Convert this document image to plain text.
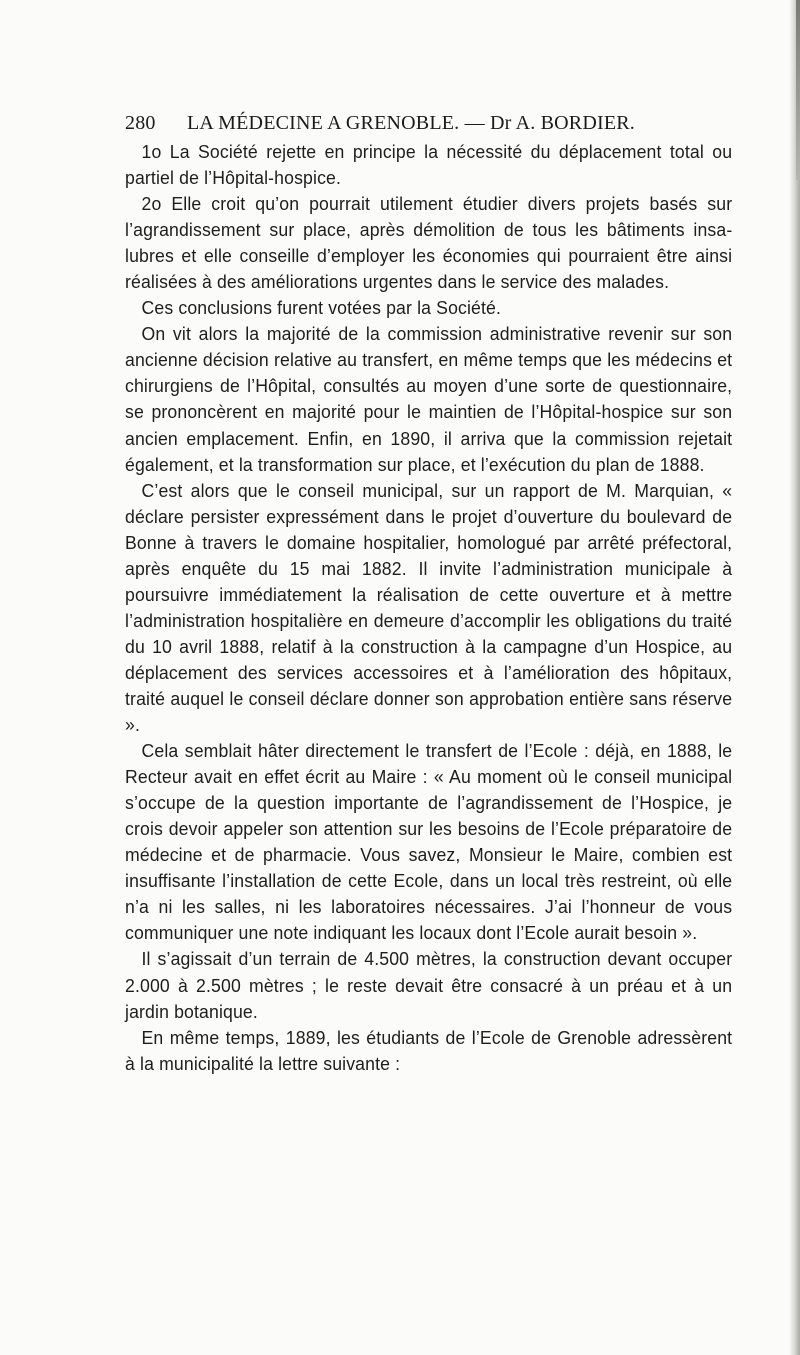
280 LA MÉDECINE A GRENOBLE. — Dr A. BORDIER.

1o La Société rejette en principe la nécessité du déplacement total ou partiel de l’Hôpital-hospice.

2o Elle croit qu’on pourrait utilement étudier divers projets basés sur l’agrandissement sur place, après démolition de tous les bâtiments insalubres et elle conseille d’employer les économies qui pourraient être ainsi réalisées à des améliorations urgentes dans le service des malades.

Ces conclusions furent votées par la Société.

On vit alors la majorité de la commission administrative revenir sur son ancienne décision relative au transfert, en même temps que les médecins et chirurgiens de l’Hôpital, consultés au moyen d’une sorte de questionnaire, se prononcèrent en majorité pour le maintien de l’Hôpital-hospice sur son ancien emplacement. Enfin, en 1890, il arriva que la commission rejetait également, et la transformation sur place, et l’exécution du plan de 1888.

C’est alors que le conseil municipal, sur un rapport de M. Marquian, « déclare persister expressément dans le projet d’ouverture du boulevard de Bonne à travers le domaine hospitalier, homologué par arrêté préfectoral, après enquête du 15 mai 1882. Il invite l’administration municipale à poursuivre immédiatement la réalisation de cette ouverture et à mettre l’administration hospitalière en demeure d’accomplir les obligations du traité du 10 avril 1888, relatif à la construction à la campagne d’un Hospice, au déplacement des services accessoires et à l’amélioration des hôpitaux, traité auquel le conseil déclare donner son approbation entière sans réserve ».

Cela semblait hâter directement le transfert de l’Ecole : déjà, en 1888, le Recteur avait en effet écrit au Maire : « Au moment où le conseil municipal s’occupe de la question importante de l’agrandissement de l’Hospice, je crois devoir appeler son attention sur les besoins de l’Ecole préparatoire de médecine et de pharmacie. Vous savez, Monsieur le Maire, combien est insuffisante l’installation de cette Ecole, dans un local très restreint, où elle n’a ni les salles, ni les laboratoires nécessaires. J’ai l’honneur de vous communiquer une note indiquant les locaux dont l’Ecole aurait besoin ».

Il s’agissait d’un terrain de 4.500 mètres, la construction devant occuper 2.000 à 2.500 mètres ; le reste devait être consacré à un préau et à un jardin botanique.

En même temps, 1889, les étudiants de l’Ecole de Grenoble adressèrent à la municipalité la lettre suivante :
